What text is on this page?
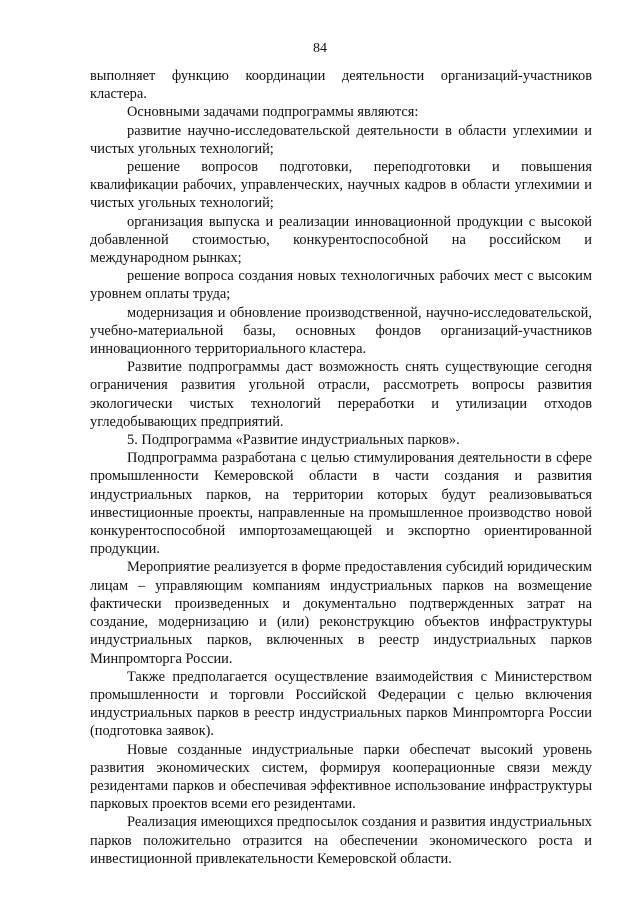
84

выполняет функцию координации деятельности организаций-участников кластера.

Основными задачами подпрограммы являются:

развитие научно-исследовательской деятельности в области углехимии и чистых угольных технологий;

решение вопросов подготовки, переподготовки и повышения квалификации рабочих, управленческих, научных кадров в области углехимии и чистых угольных технологий;

организация выпуска и реализации инновационной продукции с высокой добавленной стоимостью, конкурентоспособной на российском и международном рынках;

решение вопроса создания новых технологичных рабочих мест с высоким уровнем оплаты труда;

модернизация и обновление производственной, научно-исследовательской, учебно-материальной базы, основных фондов организаций-участников инновационного территориального кластера.

Развитие подпрограммы даст возможность снять существующие сегодня ограничения развития угольной отрасли, рассмотреть вопросы развития экологически чистых технологий переработки и утилизации отходов угледобывающих предприятий.

5. Подпрограмма «Развитие индустриальных парков».

Подпрограмма разработана с целью стимулирования деятельности в сфере промышленности Кемеровской области в части создания и развития индустриальных парков, на территории которых будут реализовываться инвестиционные проекты, направленные на промышленное производство новой конкурентоспособной импортозамещающей и экспортно ориентированной продукции.

Мероприятие реализуется в форме предоставления субсидий юридическим лицам – управляющим компаниям индустриальных парков на возмещение фактически произведенных и документально подтвержденных затрат на создание, модернизацию и (или) реконструкцию объектов инфраструктуры индустриальных парков, включенных в реестр индустриальных парков Минпромторга России.

Также предполагается осуществление взаимодействия с Министерством промышленности и торговли Российской Федерации с целью включения индустриальных парков в реестр индустриальных парков Минпромторга России (подготовка заявок).

Новые созданные индустриальные парки обеспечат высокий уровень развития экономических систем, формируя кооперационные связи между резидентами парков и обеспечивая эффективное использование инфраструктуры парковых проектов всеми его резидентами.

Реализация имеющихся предпосылок создания и развития индустриальных парков положительно отразится на обеспечении экономического роста и инвестиционной привлекательности Кемеровской области.
